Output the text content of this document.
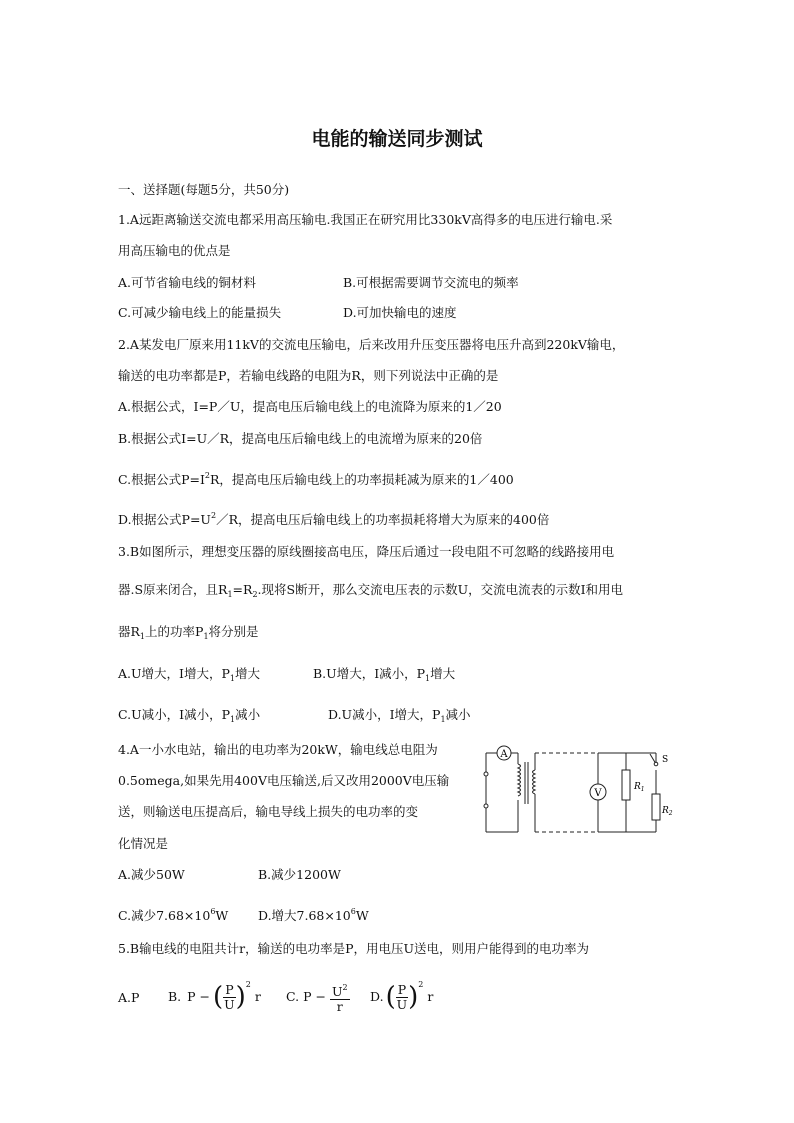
电能的输送同步测试
一、送择题(每题5分，共50分)
1.A远距离输送交流电都采用高压输电.我国正在研究用比330kV高得多的电压进行输电.采
用高压输电的优点是
A.可节省输电线的铜材料	B.可根据需要调节交流电的频率
C.可减少输电线上的能量损失	D.可加快输电的速度
2.A某发电厂原来用11kV的交流电压输电，后来改用升压变压器将电压升高到220kV输电，
输送的电功率都是P，若输电线路的电阻为R，则下列说法中正确的是
A.根据公式，I=P／U，提高电压后输电线上的电流降为原来的1／20
B.根据公式I=U／R，提高电压后输电线上的电流增为原来的20倍
C.根据公式$P=I^2R$，提高电压后输电线上的功率损耗减为原来的1／400
D.根据公式$P=U^2/R$，提高电压后输电线上的功率损耗将增大为原来的400倍
3.B如图所示，理想变压器的原线圈接高电压，降压后通过一段电阻不可忽略的线路接用电
器.S原来闭合，且$R_1=R_2$.现将S断开，那么交流电压表的示数U，交流电流表的示数I和用电
器$R_1$上的功率$P_1$将分别是
A.U增大，I增大，$P_1$增大	B.U增大，I减小，$P_1$增大
C.U减小，I减小，$P_1$减小	D.U减小，I增大，$P_1$减小
4.A一小水电站，输出的电功率为20kW，输电线总电阻为
0.5omega,如果先用400V电压输送,后又改用2000V电压输
送，则输送电压提高后，输电导线上损失的电功率的变
化情况是
A.减少50W	B.减少1200W
C.减少$7.68\times 10^6W$ D.增大$7.68\times 10^6W$
A
V
$R_1$
$R_2$
S
5.B输电线的电阻共计r，输送的电功率是P，用电压U送电，则用户能得到的电功率为
A.P B. P − ( $\frac{P}{U} )^2$
r C. $P - \frac{U^2}{r} D$. ( $\frac{P}{U} )^2$
r
